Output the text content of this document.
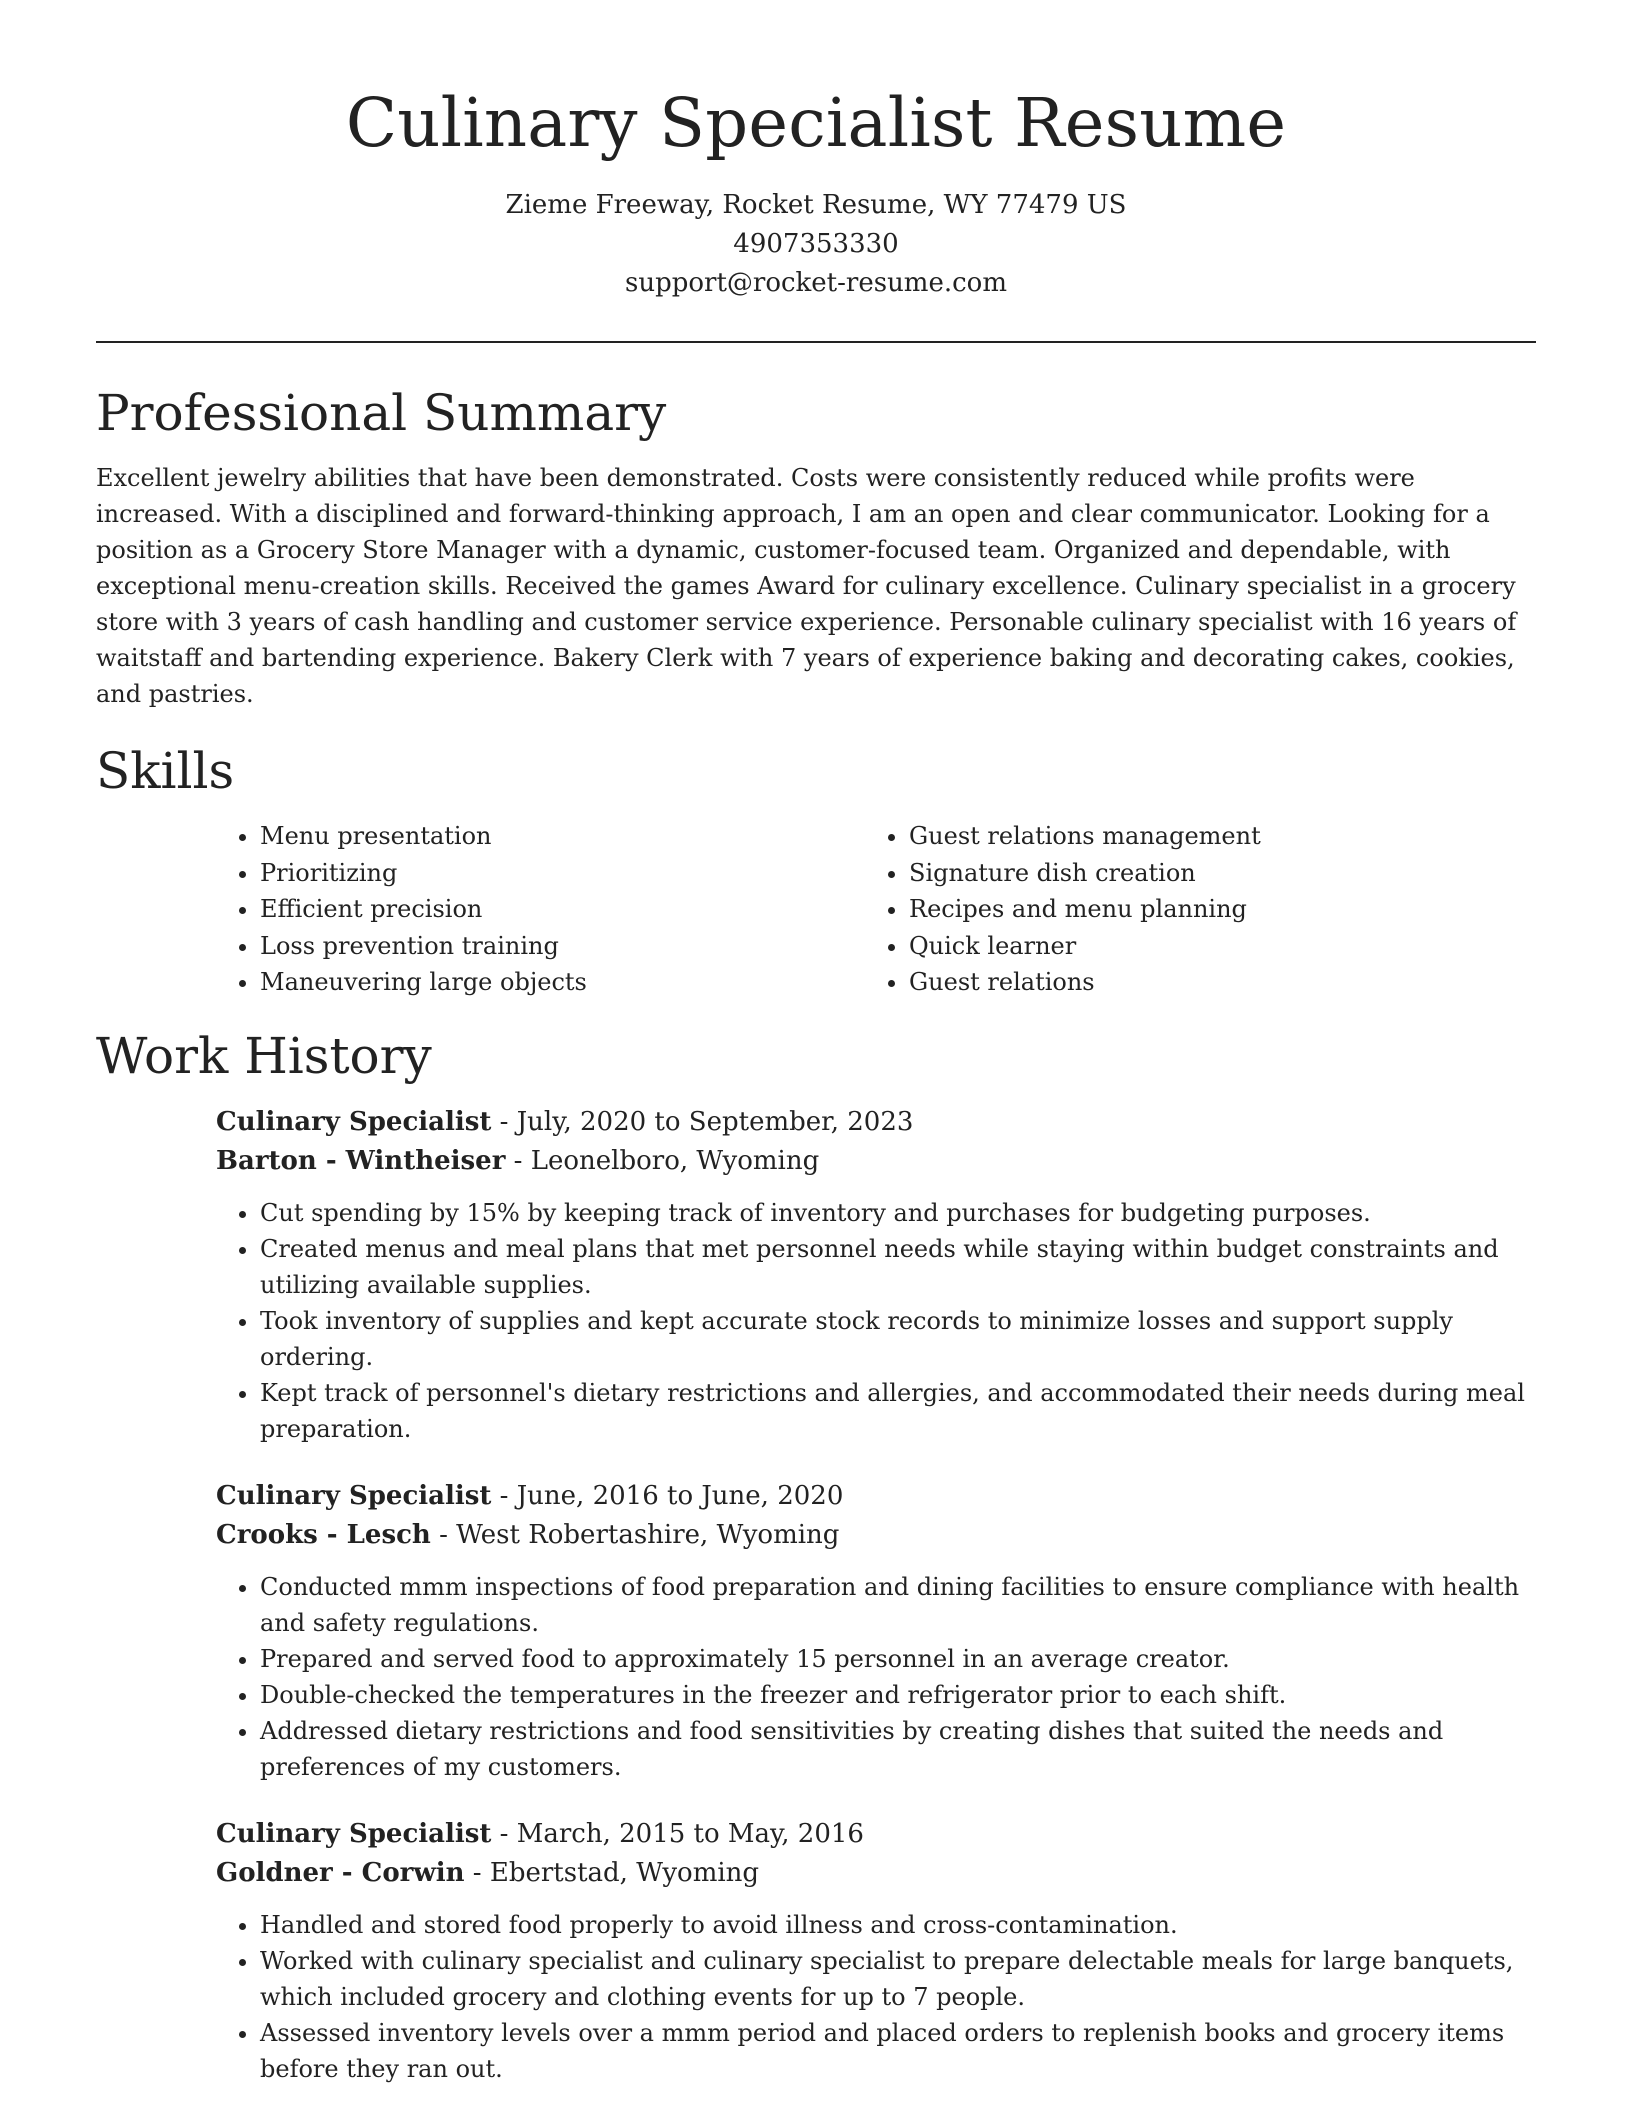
Culinary Specialist Resume
Zieme Freeway, Rocket Resume, WY 77479 US
4907353330
support@rocket-resume.com
Professional Summary

Excellent jewelry abilities that have been demonstrated. Costs were consistently reduced while profits were increased. With a disciplined and forward-thinking approach, I am an open and clear communicator. Looking for a position as a Grocery Store Manager with a dynamic, customer-focused team. Organized and dependable, with exceptional menu-creation skills. Received the games Award for culinary excellence. Culinary specialist in a grocery store with 3 years of cash handling and customer service experience. Personable culinary specialist with 16 years of waitstaff and bartending experience. Bakery Clerk with 7 years of experience baking and decorating cakes, cookies, and pastries.

Skills
• Menu presentation
• Prioritizing
• Efficient precision
• Loss prevention training
• Maneuvering large objects
• Guest relations management
• Signature dish creation
• Recipes and menu planning
• Quick learner
• Guest relations
Work History
Culinary Specialist - July, 2020 to September, 2023
Barton - Wintheiser - Leonelboro, Wyoming
• Cut spending by 15% by keeping track of inventory and purchases for budgeting purposes.
• Created menus and meal plans that met personnel needs while staying within budget constraints and utilizing available supplies.
• Took inventory of supplies and kept accurate stock records to minimize losses and support supply ordering.
• Kept track of personnel's dietary restrictions and allergies, and accommodated their needs during meal preparation.
Culinary Specialist - June, 2016 to June, 2020
Crooks - Lesch - West Robertashire, Wyoming
• Conducted mmm inspections of food preparation and dining facilities to ensure compliance with health and safety regulations.
• Prepared and served food to approximately 15 personnel in an average creator.
• Double-checked the temperatures in the freezer and refrigerator prior to each shift.
• Addressed dietary restrictions and food sensitivities by creating dishes that suited the needs and preferences of my customers.
Culinary Specialist - March, 2015 to May, 2016
Goldner - Corwin - Ebertstad, Wyoming
• Handled and stored food properly to avoid illness and cross-contamination.
• Worked with culinary specialist and culinary specialist to prepare delectable meals for large banquets, which included grocery and clothing events for up to 7 people.
• Assessed inventory levels over a mmm period and placed orders to replenish books and grocery items before they ran out.
